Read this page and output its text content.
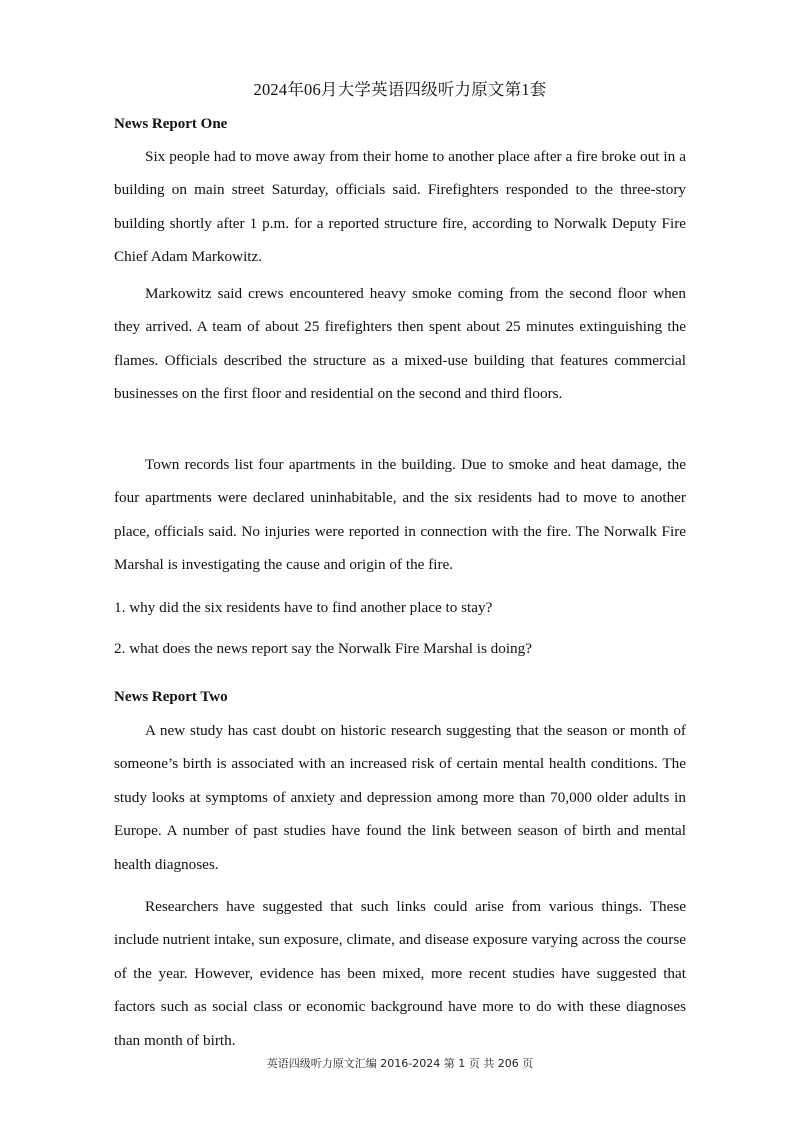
2024年06月大学英语四级听力原文第1套
News Report One

Six people had to move away from their home to another place after a fire broke out in a building on main street Saturday, officials said. Firefighters responded to the three-story building shortly after 1 p.m. for a reported structure fire, according to Norwalk Deputy Fire Chief Adam Markowitz.

Markowitz said crews encountered heavy smoke coming from the second floor when they arrived. A team of about 25 firefighters then spent about 25 minutes extinguishing the flames. Officials described the structure as a mixed-use building that features commercial businesses on the first floor and residential on the second and third floors.

Town records list four apartments in the building. Due to smoke and heat damage, the four apartments were declared uninhabitable, and the six residents had to move to another place, officials said. No injuries were reported in connection with the fire. The Norwalk Fire Marshal is investigating the cause and origin of the fire.

1. why did the six residents have to find another place to stay?

2. what does the news report say the Norwalk Fire Marshal is doing?

News Report Two

A new study has cast doubt on historic research suggesting that the season or month of someone’s birth is associated with an increased risk of certain mental health conditions. The study looks at symptoms of anxiety and depression among more than 70,000 older adults in Europe. A number of past studies have found the link between season of birth and mental health diagnoses.

Researchers have suggested that such links could arise from various things. These include nutrient intake, sun exposure, climate, and disease exposure varying across the course of the year. However, evidence has been mixed, more recent studies have suggested that factors such as social class or economic background have more to do with these diagnoses than month of birth.

英语四级听力原文汇编 2016-2024 第 1 页 共 206 页
